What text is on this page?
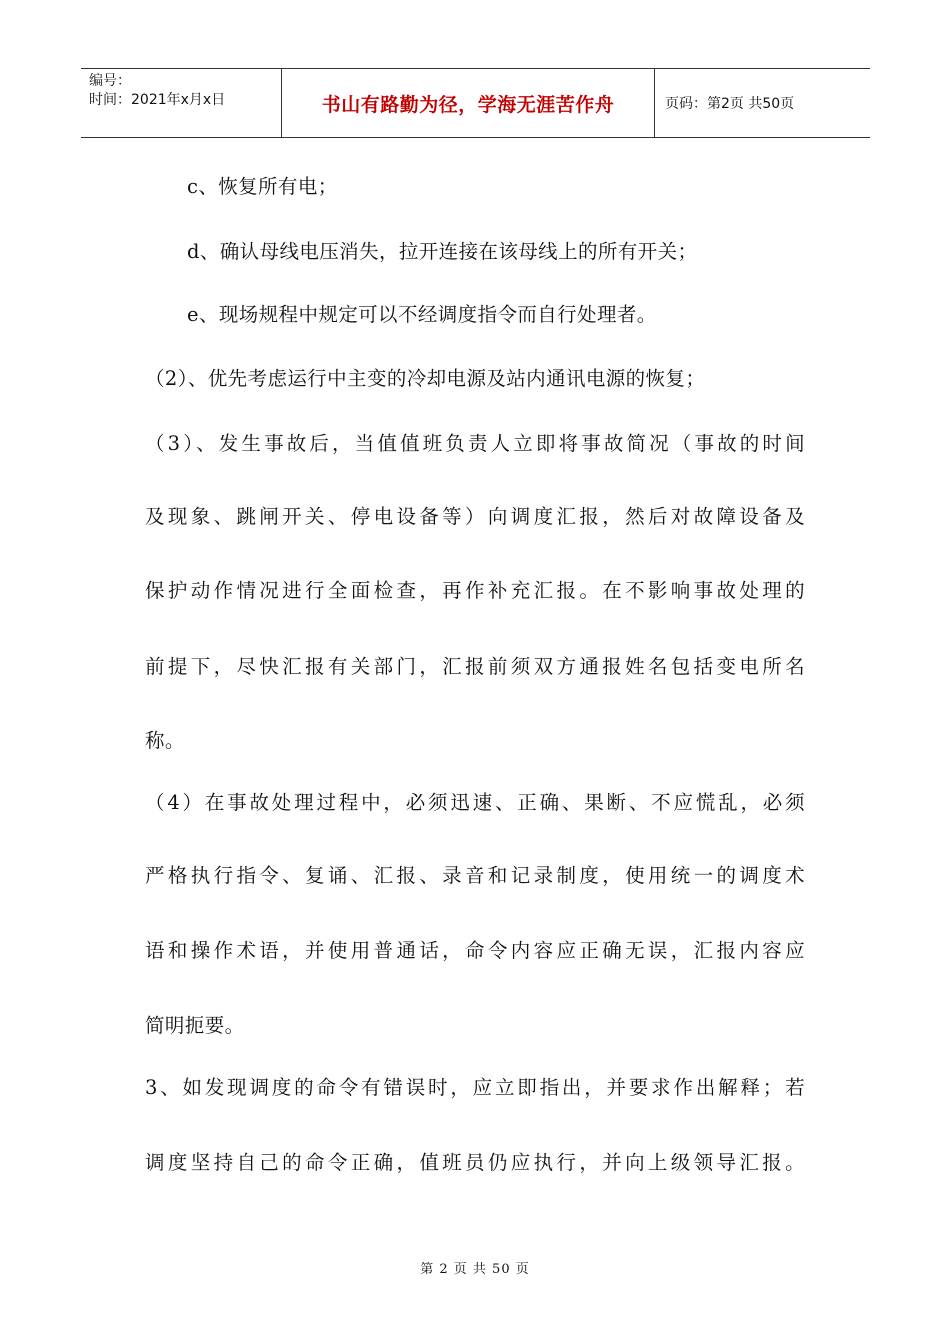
编号：
时间：2021年x月x日	书山有路勤为径，学海无涯苦作舟	页码：第2页 共50页

c、恢复所有电；

d、确认母线电压消失，拉开连接在该母线上的所有开关；

e、现场规程中规定可以不经调度指令而自行处理者。

（2）、优先考虑运行中主变的冷却电源及站内通讯电源的恢复；

（3）、发生事故后，当值值班负责人立即将事故简况（事故的时间

及现象、跳闸开关、停电设备等）向调度汇报，然后对故障设备及

保护动作情况进行全面检查，再作补充汇报。在不影响事故处理的

前提下，尽快汇报有关部门，汇报前须双方通报姓名包括变电所名

称。

（4）在事故处理过程中，必须迅速、正确、果断、不应慌乱，必须

严格执行指令、复诵、汇报、录音和记录制度，使用统一的调度术

语和操作术语，并使用普通话，命令内容应正确无误，汇报内容应

简明扼要。

3、如发现调度的命令有错误时，应立即指出，并要求作出解释；若

调度坚持自己的命令正确，值班员仍应执行，并向上级领导汇报。

第 2 页 共 50 页
